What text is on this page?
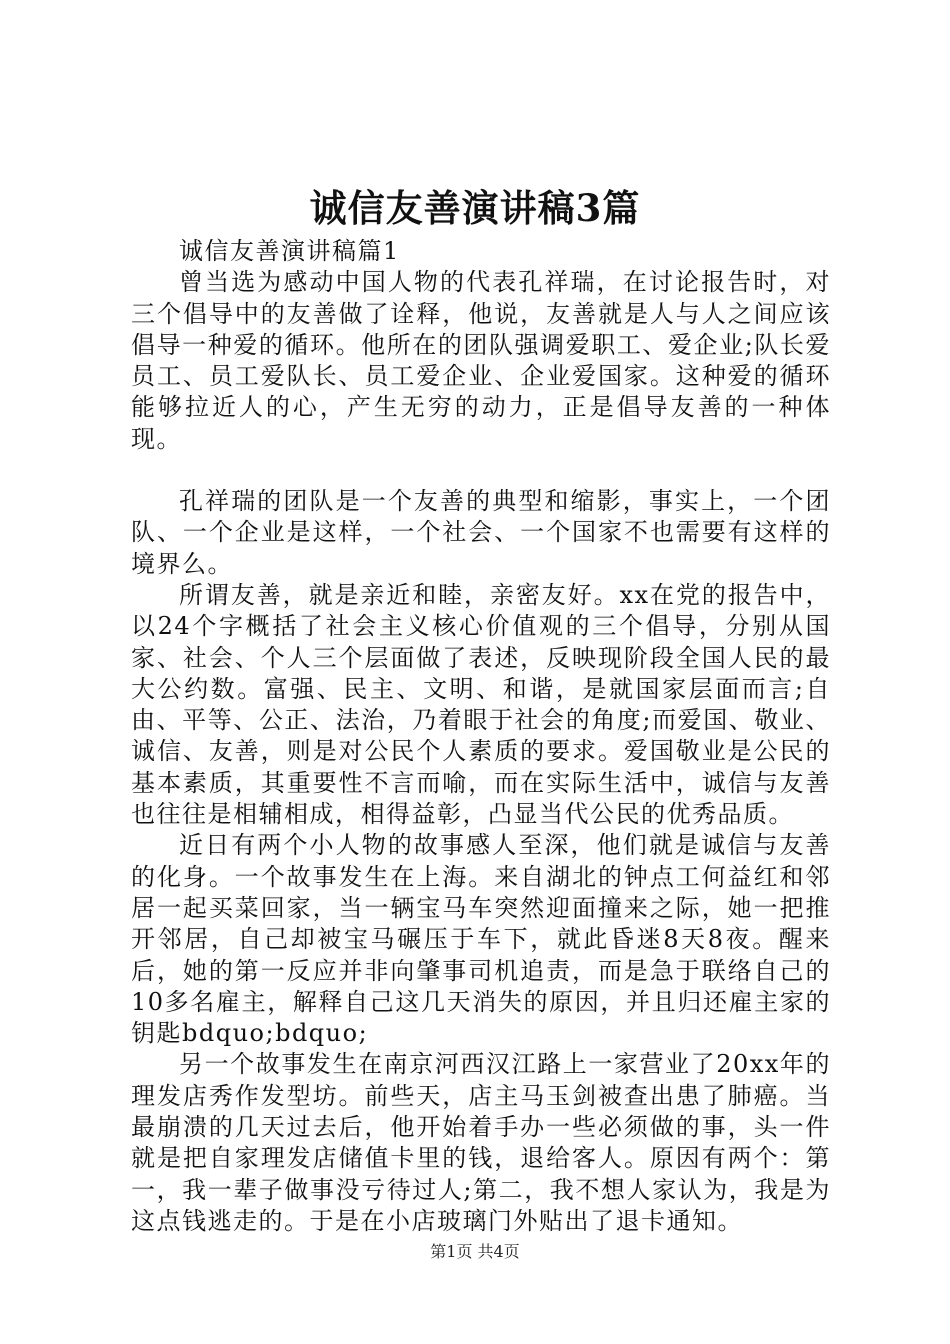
诚信友善演讲稿3篇

诚信友善演讲稿篇1

曾当选为感动中国人物的代表孔祥瑞，在讨论报告时，对三个倡导中的友善做了诠释，他说，友善就是人与人之间应该倡导一种爱的循环。他所在的团队强调爱职工、爱企业;队长爱员工、员工爱队长、员工爱企业、企业爱国家。这种爱的循环能够拉近人的心，产生无穷的动力，正是倡导友善的一种体现。

孔祥瑞的团队是一个友善的典型和缩影，事实上，一个团队、一个企业是这样，一个社会、一个国家不也需要有这样的境界么。

所谓友善，就是亲近和睦，亲密友好。xx在党的报告中，以24个字概括了社会主义核心价值观的三个倡导，分别从国家、社会、个人三个层面做了表述，反映现阶段全国人民的最大公约数。富强、民主、文明、和谐，是就国家层面而言;自由、平等、公正、法治，乃着眼于社会的角度;而爱国、敬业、诚信、友善，则是对公民个人素质的要求。爱国敬业是公民的基本素质，其重要性不言而喻，而在实际生活中，诚信与友善也往往是相辅相成，相得益彰，凸显当代公民的优秀品质。

近日有两个小人物的故事感人至深，他们就是诚信与友善的化身。一个故事发生在上海。来自湖北的钟点工何益红和邻居一起买菜回家，当一辆宝马车突然迎面撞来之际，她一把推开邻居，自己却被宝马碾压于车下，就此昏迷8天8夜。醒来后，她的第一反应并非向肇事司机追责，而是急于联络自己的10多名雇主，解释自己这几天消失的原因，并且归还雇主家的钥匙bdquo;bdquo;

另一个故事发生在南京河西汉江路上一家营业了20xx年的理发店秀作发型坊。前些天，店主马玉剑被查出患了肺癌。当最崩溃的几天过去后，他开始着手办一些必须做的事，头一件就是把自家理发店储值卡里的钱，退给客人。原因有两个：第一，我一辈子做事没亏待过人;第二，我不想人家认为，我是为这点钱逃走的。于是在小店玻璃门外贴出了退卡通知。

第1页 共4页
